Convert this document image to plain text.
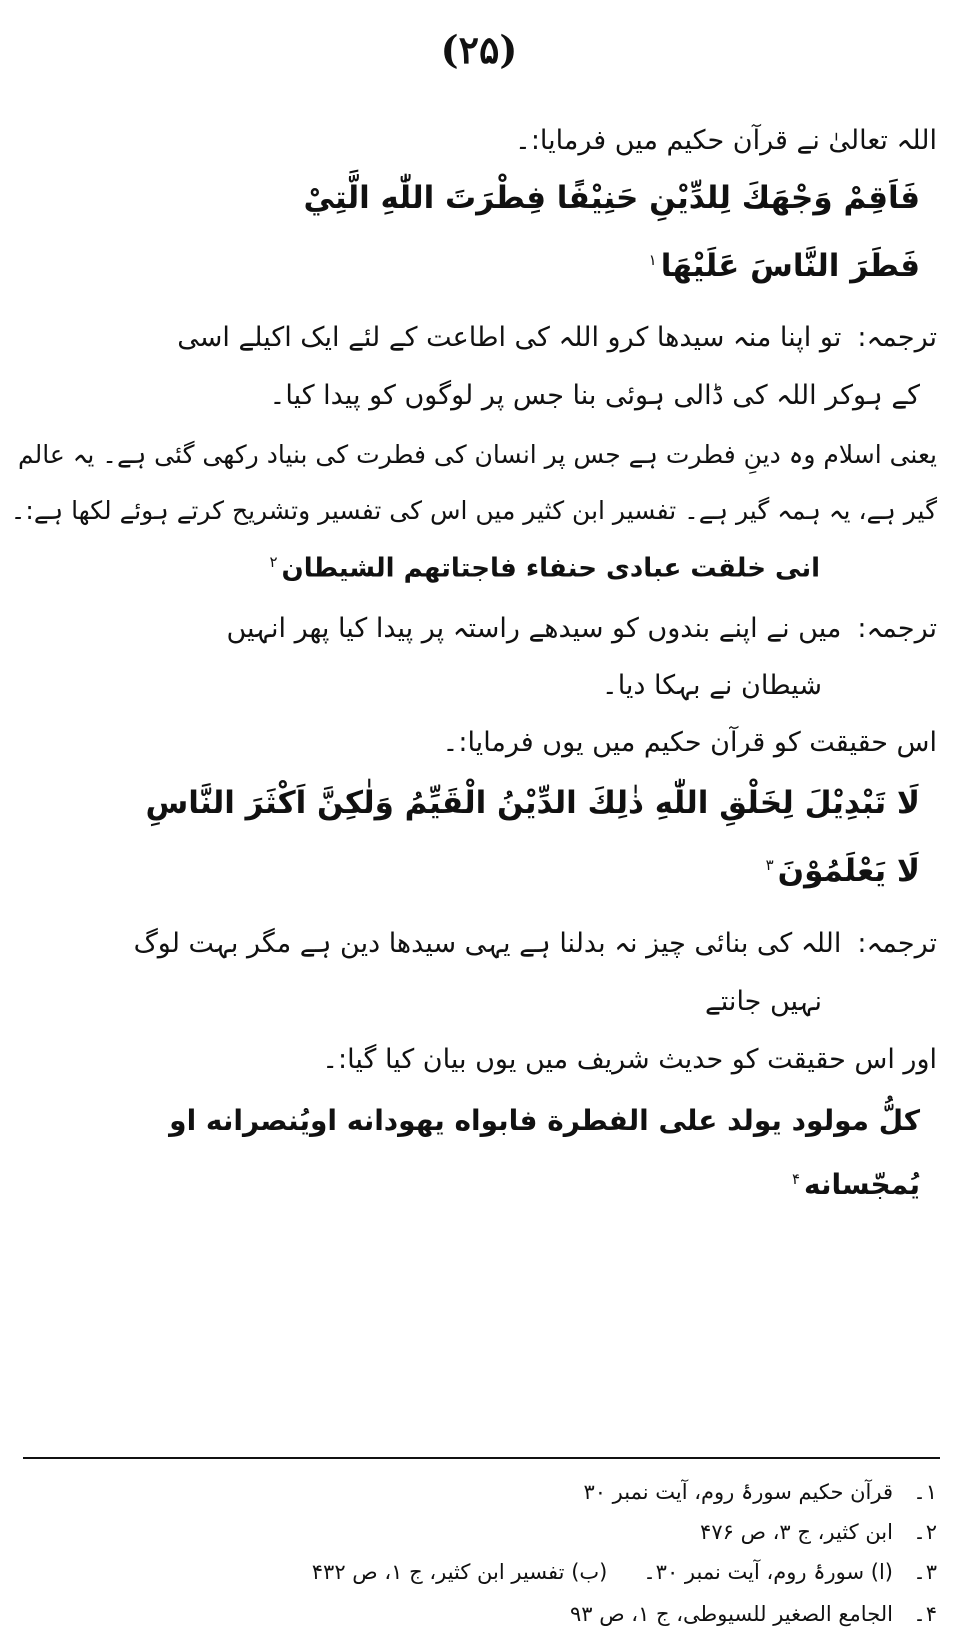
(۲۵)
اللہ تعالیٰ نے قرآن حکیم میں فرمایا:۔
فَاَقِمْ وَجْهَكَ لِلدِّيْنِ حَنِيْفًا فِطْرَتَ اللّٰهِ الَّتِيْ
فَطَرَ النَّاسَ عَلَيْهَا$^۱$
ترجمہ:تو اپنا منہ سیدھا کرو اللہ کی اطاعت کے لئے ایک اکیلے اسی
کے ہوکر اللہ کی ڈالی ہوئی بنا جس پر لوگوں کو پیدا کیا۔
یعنی اسلام وہ دینِ فطرت ہے جس پر انسان کی فطرت کی بنیاد رکھی گئی ہے۔ یہ عالم
گیر ہے، یہ ہمہ گیر ہے۔ تفسیر ابن کثیر میں اس کی تفسیر وتشریح کرتے ہوئے لکھا ہے:۔
انی خلقت عبادی حنفاء فاجتاتهم الشيطان$^۲$
ترجمہ:میں نے اپنے بندوں کو سیدھے راستہ پر پیدا کیا پھر انہیں
شیطان نے بہکا دیا۔
اس حقیقت کو قرآن حکیم میں یوں فرمایا:۔
لَا تَبْدِيْلَ لِخَلْقِ اللّٰهِ ذٰلِكَ الدِّيْنُ الْقَيِّمُ وَلٰكِنَّ اَكْثَرَ النَّاسِ
لَا يَعْلَمُوْنَ$^۳$
ترجمہ:اللہ کی بنائی چیز نہ بدلنا ہے یہی سیدھا دین ہے مگر بہت لوگ
نہیں جانتے
اور اس حقیقت کو حدیث شریف میں یوں بیان کیا گیا:۔
كلُّ مولود يولد على الفطرة فابواه يهودانه اويُنصرانه او
يُمجّسانه$^۴$
۱۔قرآن حکیم سورۂ روم، آیت نمبر ۳۰
۲۔ابن کثیر، ج ۳، ص ۴۷۶
۳۔(ا) سورۂ روم، آیت نمبر ۳۰۔(ب) تفسیر ابن کثیر، ج ۱، ص ۴۳۲
۴۔الجامع الصغیر للسیوطی، ج ۱، ص ۹۳
